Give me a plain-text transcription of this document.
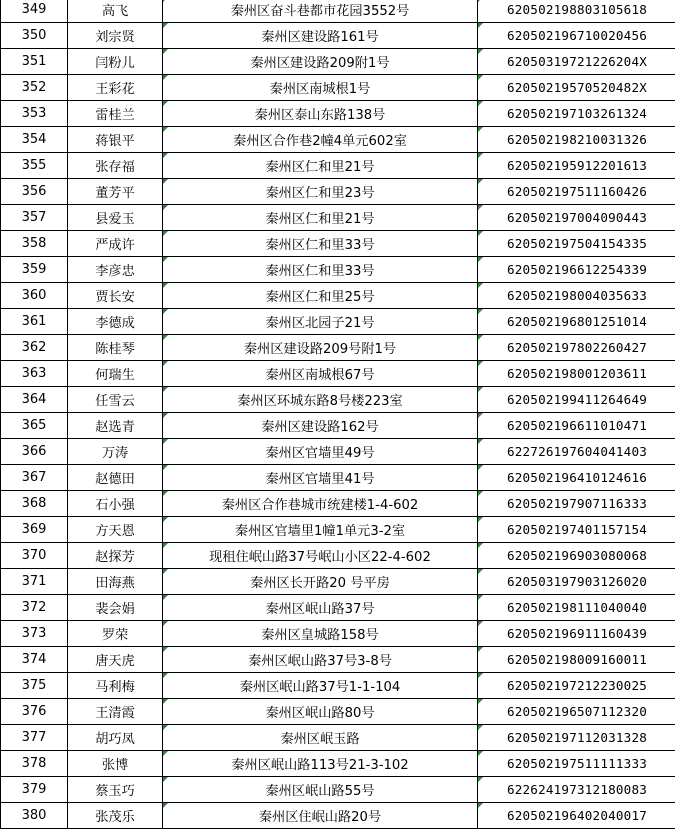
349	高飞	秦州区奋斗巷都市花园3552号	620502198803105618
350	刘宗贤	秦州区建设路161号	620502196710020456
351	闫粉儿	秦州区建设路209附1号	62050319721226204X
352	王彩花	秦州区南城根1号	62050219570520482X
353	雷桂兰	秦州区泰山东路138号	620502197103261324
354	蒋银平	秦州区合作巷2幢4单元602室	620502198210031326
355	张存福	秦州区仁和里21号	620502195912201613
356	董芳平	秦州区仁和里23号	620502197511160426
357	县爱玉	秦州区仁和里21号	620502197004090443
358	严成许	秦州区仁和里33号	620502197504154335
359	李彦忠	秦州区仁和里33号	620502196612254339
360	贾长安	秦州区仁和里25号	620502198004035633
361	李德成	秦州区北园子21号	620502196801251014
362	陈桂琴	秦州区建设路209号附1号	620502197802260427
363	何瑞生	秦州区南城根67号	620502198001203611
364	任雪云	秦州区环城东路8号楼223室	620502199411264649
365	赵选青	秦州区建设路162号	620502196611010471
366	万涛	秦州区官墙里49号	622726197604041403
367	赵德田	秦州区官墙里41号	620502196410124616
368	石小强	秦州区合作巷城市统建楼1-4-602	620502197907116333
369	方天恩	秦州区官墙里1幢1单元3-2室	620502197401157154
370	赵探芳	现租住岷山路37号岷山小区22-4-602	620502196903080068
371	田海燕	秦州区长开路20 号平房	620503197903126020
372	裴会娟	秦州区岷山路37号	620502198111040040
373	罗荣	秦州区皇城路158号	620502196911160439
374	唐天虎	秦州区岷山路37号3-8号	620502198009160011
375	马利梅	秦州区岷山路37号1-1-104	620502197212230025
376	王清霞	秦州区岷山路80号	620502196507112320
377	胡巧凤	秦州区岷玉路	620502197112031328
378	张博	秦州区岷山路113号21-3-102	620502197511111333
379	蔡玉巧	秦州区岷山路55号	622624197312180083
380	张茂乐	秦州区住岷山路20号	620502196402040017
